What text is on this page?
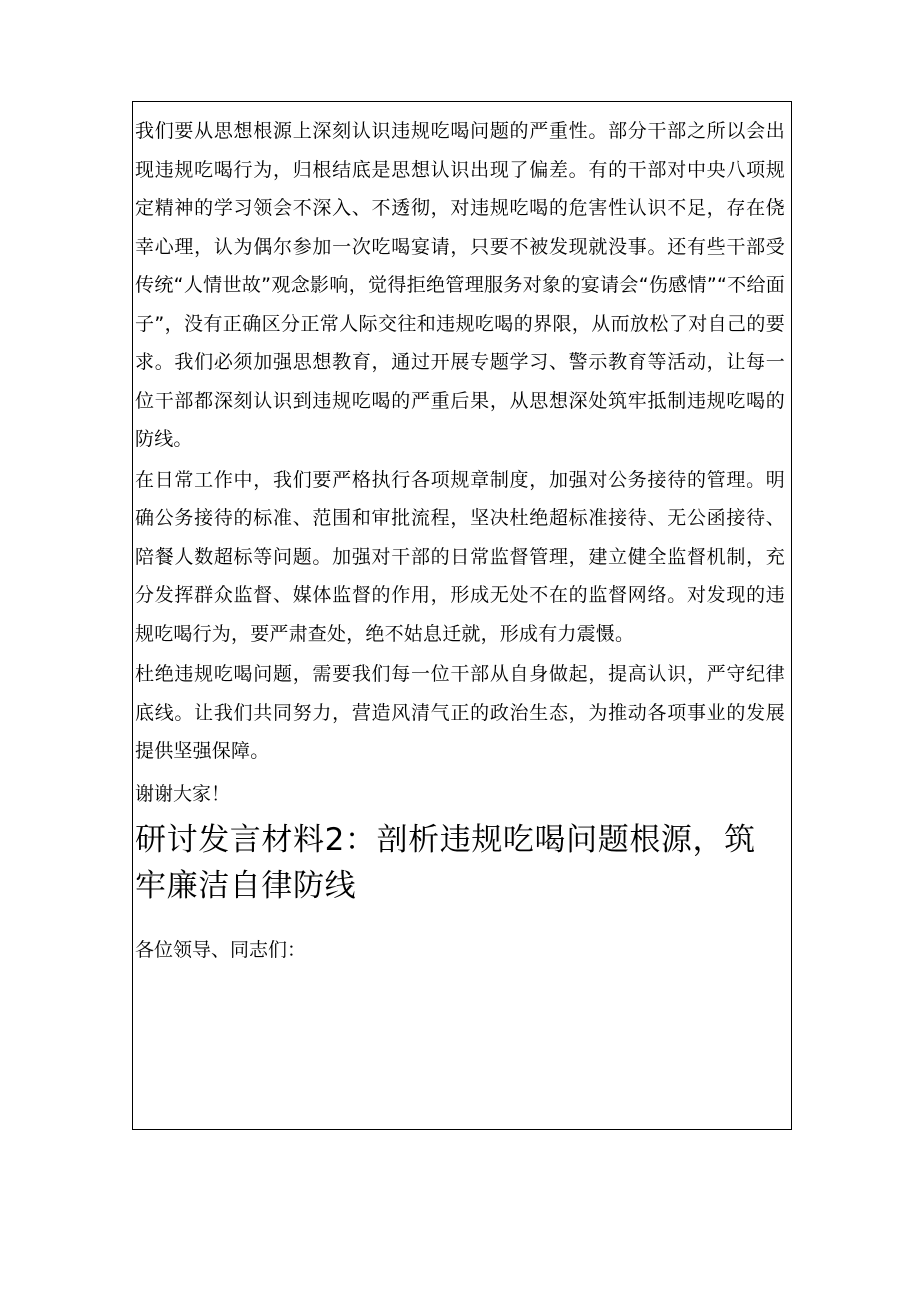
我们要从思想根源上深刻认识违规吃喝问题的严重性。部分干部之所以会出现违规吃喝行为，归根结底是思想认识出现了偏差。有的干部对中央八项规定精神的学习领会不深入、不透彻，对违规吃喝的危害性认识不足，存在侥幸心理，认为偶尔参加一次吃喝宴请，只要不被发现就没事。还有些干部受传统“人情世故”观念影响，觉得拒绝管理服务对象的宴请会“伤感情”“不给面子”，没有正确区分正常人际交往和违规吃喝的界限，从而放松了对自己的要求。我们必须加强思想教育，通过开展专题学习、警示教育等活动，让每一位干部都深刻认识到违规吃喝的严重后果，从思想深处筑牢抵制违规吃喝的防线。

在日常工作中，我们要严格执行各项规章制度，加强对公务接待的管理。明确公务接待的标准、范围和审批流程，坚决杜绝超标准接待、无公函接待、陪餐人数超标等问题。加强对干部的日常监督管理，建立健全监督机制，充分发挥群众监督、媒体监督的作用，形成无处不在的监督网络。对发现的违规吃喝行为，要严肃查处，绝不姑息迁就，形成有力震慑。

杜绝违规吃喝问题，需要我们每一位干部从自身做起，提高认识，严守纪律底线。让我们共同努力，营造风清气正的政治生态，为推动各项事业的发展提供坚强保障。

谢谢大家！

研讨发言材料2：剖析违规吃喝问题根源，筑牢廉洁自律防线

各位领导、同志们：
